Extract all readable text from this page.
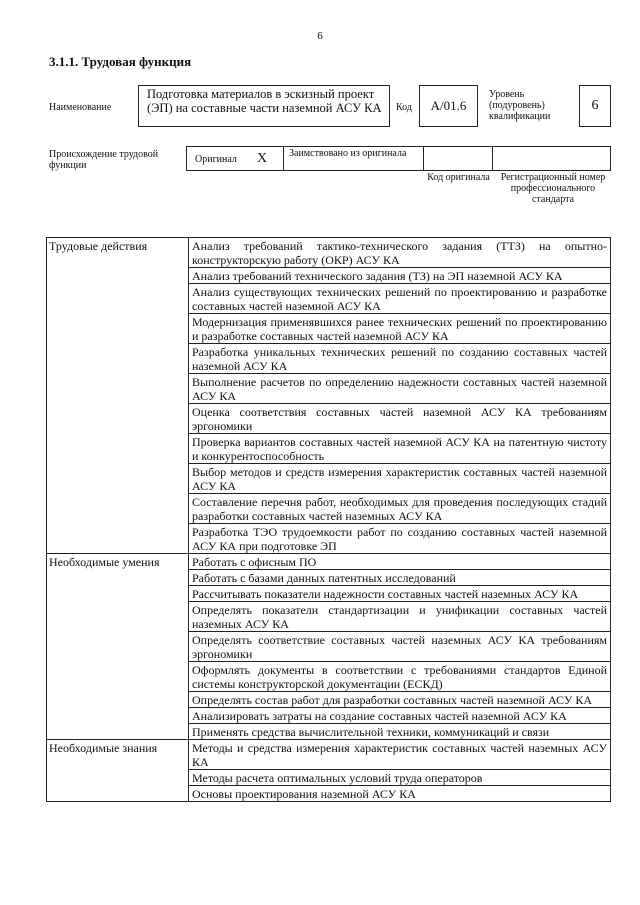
6
3.1.1. Трудовая функция
Наименование
Подготовка материалов в эскизный проект (ЭП) на составные части наземной АСУ КА	Код	A/01.6
Уровень (подуровень) квалификации
6
Происхождение трудовой функции
Оригинал X Заимствовано из оригинала
Код оригинала	Регистрационный номер профессионального стандарта
Трудовые действия	Анализ требований тактико-технического задания (ТТЗ) на опытно-конструкторскую работу (ОКР) АСУ КА
	Анализ требований технического задания (ТЗ) на ЭП наземной АСУ КА
	Анализ существующих технических решений по проектированию и разработке составных частей наземной АСУ КА
	Модернизация применявшихся ранее технических решений по проектированию и разработке составных частей наземной АСУ КА
	Разработка уникальных технических решений по созданию составных частей наземной АСУ КА
	Выполнение расчетов по определению надежности составных частей наземной АСУ КА
	Оценка соответствия составных частей наземной АСУ КА требованиям эргономики
	Проверка вариантов составных частей наземной АСУ КА на патентную чистоту и конкурентоспособность
	Выбор методов и средств измерения характеристик составных частей наземной АСУ КА
	Составление перечня работ, необходимых для проведения последующих стадий разработки составных частей наземных АСУ КА
	Разработка ТЭО трудоемкости работ по созданию составных частей наземной АСУ КА при подготовке ЭП
Необходимые умения	Работать с офисным ПО
	Работать с базами данных патентных исследований
	Рассчитывать показатели надежности составных частей наземных АСУ КА
	Определять показатели стандартизации и унификации составных частей наземных АСУ КА
	Определять соответствие составных частей наземных АСУ КА требованиям эргономики
	Оформлять документы в соответствии с требованиями стандартов Единой системы конструкторской документации (ЕСКД)
	Определять состав работ для разработки составных частей наземной АСУ КА
	Анализировать затраты на создание составных частей наземной АСУ КА
	Применять средства вычислительной техники, коммуникаций и связи
Необходимые знания	Методы и средства измерения характеристик составных частей наземных АСУ КА
	Методы расчета оптимальных условий труда операторов
	Основы проектирования наземной АСУ КА
